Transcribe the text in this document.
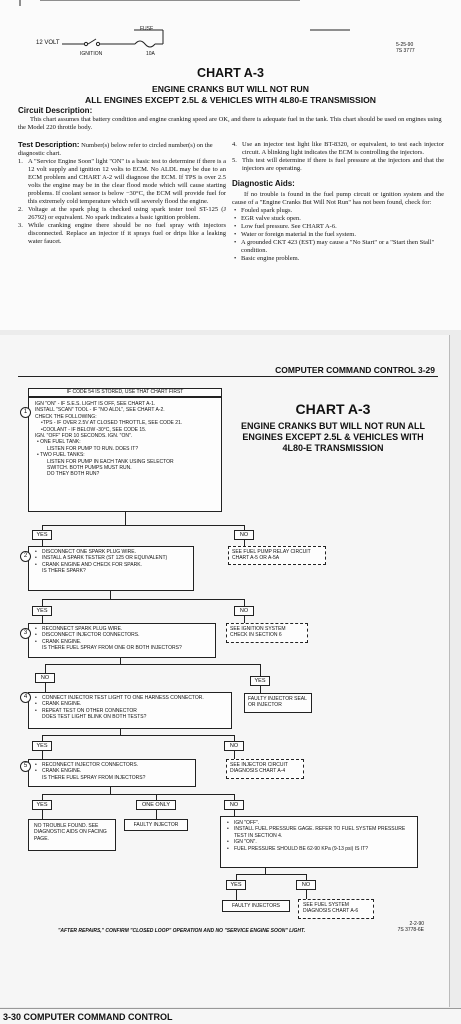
12 VOLT
IGNITION	10A
FUSE
5-25-90
7S 3777
CHART A-3
ENGINE CRANKS BUT WILL NOT RUN
ALL ENGINES EXCEPT 2.5L & VEHICLES WITH 4L80-E TRANSMISSION
Circuit Description:
This chart assumes that battery condition and engine cranking speed are OK, and there is adequate fuel in the tank. This chart should be used on engines using the Model 220 throttle body.
Test Description: Number(s) below refer to circled number(s) on the diagnostic chart.
1. A "Service Engine Soon" light "ON" is a basic test to determine if there is a 12 volt supply and ignition 12 volts to ECM. No ALDL may be due to an ECM problem and CHART A-2 will diagnose the ECM. If TPS is over 2.5 volts the engine may be in the clear flood mode which will cause starting problems. If coolant sensor is below −30°C, the ECM will provide fuel for this extremely cold temperature which will severely flood the engine.
2. Voltage at the spark plug is checked using spark tester tool ST-125 (J 26792) or equivalent. No spark indicates a basic ignition problem.
3. While cranking engine there should be no fuel spray with injectors disconnected. Replace an injector if it sprays fuel or drips like a leaking water faucet.
4. Use an injector test light like BT-8320, or equivalent, to test each injector circuit. A blinking light indicates the ECM is controlling the injectors.
5. This test will determine if there is fuel pressure at the injectors and that the injectors are operating.
Diagnostic Aids:
If no trouble is found in the fuel pump circuit or ignition system and the cause of a "Engine Cranks But Will Not Run" has not been found, check for:
• Fouled spark plugs.
• EGR valve stuck open.
• Low fuel pressure. See CHART A-6.
• Water or foreign material in the fuel system.
• A grounded CKT 423 (EST) may cause a "No Start" or a "Start then Stall" condition.
• Basic engine problem.
COMPUTER COMMAND CONTROL 3-29
IF CODE 54 IS STORED, USE THAT CHART FIRST
IGN "ON" - IF S.E.S. LIGHT IS OFF, SEE CHART A-1.
INSTALL "SCAN" TOOL - IF "NO ALDL", SEE CHART A-2.
CHECK THE FOLLOWING:
•TPS - IF OVER 2.5V AT CLOSED THROTTLE, SEE CODE 21.
•COOLANT - IF BELOW -30°C, SEE CODE 15.
IGN. "OFF" FOR 10 SECONDS. IGN. "ON".
• ONE FUEL TANK:
LISTEN FOR PUMP TO RUN. DOES IT?
• TWO FUEL TANKS:
LISTEN FOR PUMP IN EACH TANK USING SELECTOR
SWITCH. BOTH PUMPS MUST RUN.
DO THEY BOTH RUN?
1	CHART A-3
ENGINE CRANKS BUT WILL NOT RUN ALL ENGINES EXCEPT 2.5L & VEHICLES WITH 4L80-E TRANSMISSION
YES	NO
SEE FUEL PUMP RELAY CIRCUIT CHART A-5 OR A-5A
• DISCONNECT ONE SPARK PLUG WIRE.
• INSTALL A SPARK TESTER (ST 125 OR EQUIVALENT)
• CRANK ENGINE AND CHECK FOR SPARK.
IS THERE SPARK?
2
YES	NO
SEE IGNITION SYSTEM CHECK IN SECTION 6
• RECONNECT SPARK PLUG WIRE.
• DISCONNECT INJECTOR CONNECTORS.
• CRANK ENGINE.
IS THERE FUEL SPRAY FROM ONE OR BOTH INJECTORS?
3
NO	YES
• CONNECT INJECTOR TEST LIGHT TO ONE HARNESS CONNECTOR.
• CRANK ENGINE.
• REPEAT TEST ON OTHER CONNECTOR
DOES TEST LIGHT BLINK ON BOTH TESTS?
4	FAULTY INJECTOR SEAL OR INJECTOR
YES	NO
SEE INJECTOR CIRCUIT DIAGNOSIS CHART A-4
• RECONNECT INJECTOR CONNECTORS.
• CRANK ENGINE.
IS THERE FUEL SPRAY FROM INJECTORS?
5
YES	ONE ONLY	NO
NO TROUBLE FOUND. SEE DIAGNOSTIC AIDS ON FACING PAGE.
FAULTY INJECTOR
•	IGN "OFF".
• INSTALL FUEL PRESSURE GAGE. REFER TO FUEL SYSTEM PRESSURE TEST IN SECTION 4.
• IGN "ON".
• FUEL PRESSURE SHOULD BE 62-90 KPa (9-13 psi) IS IT?
YES	NO
FAULTY INJECTORS	SEE FUEL SYSTEM DIAGNOSIS CHART A-6
"AFTER REPAIRS," CONFIRM "CLOSED LOOP" OPERATION AND NO "SERVICE ENGINE SOON" LIGHT.
2-2-90
7S 3778-6E
3-30 COMPUTER COMMAND CONTROL
